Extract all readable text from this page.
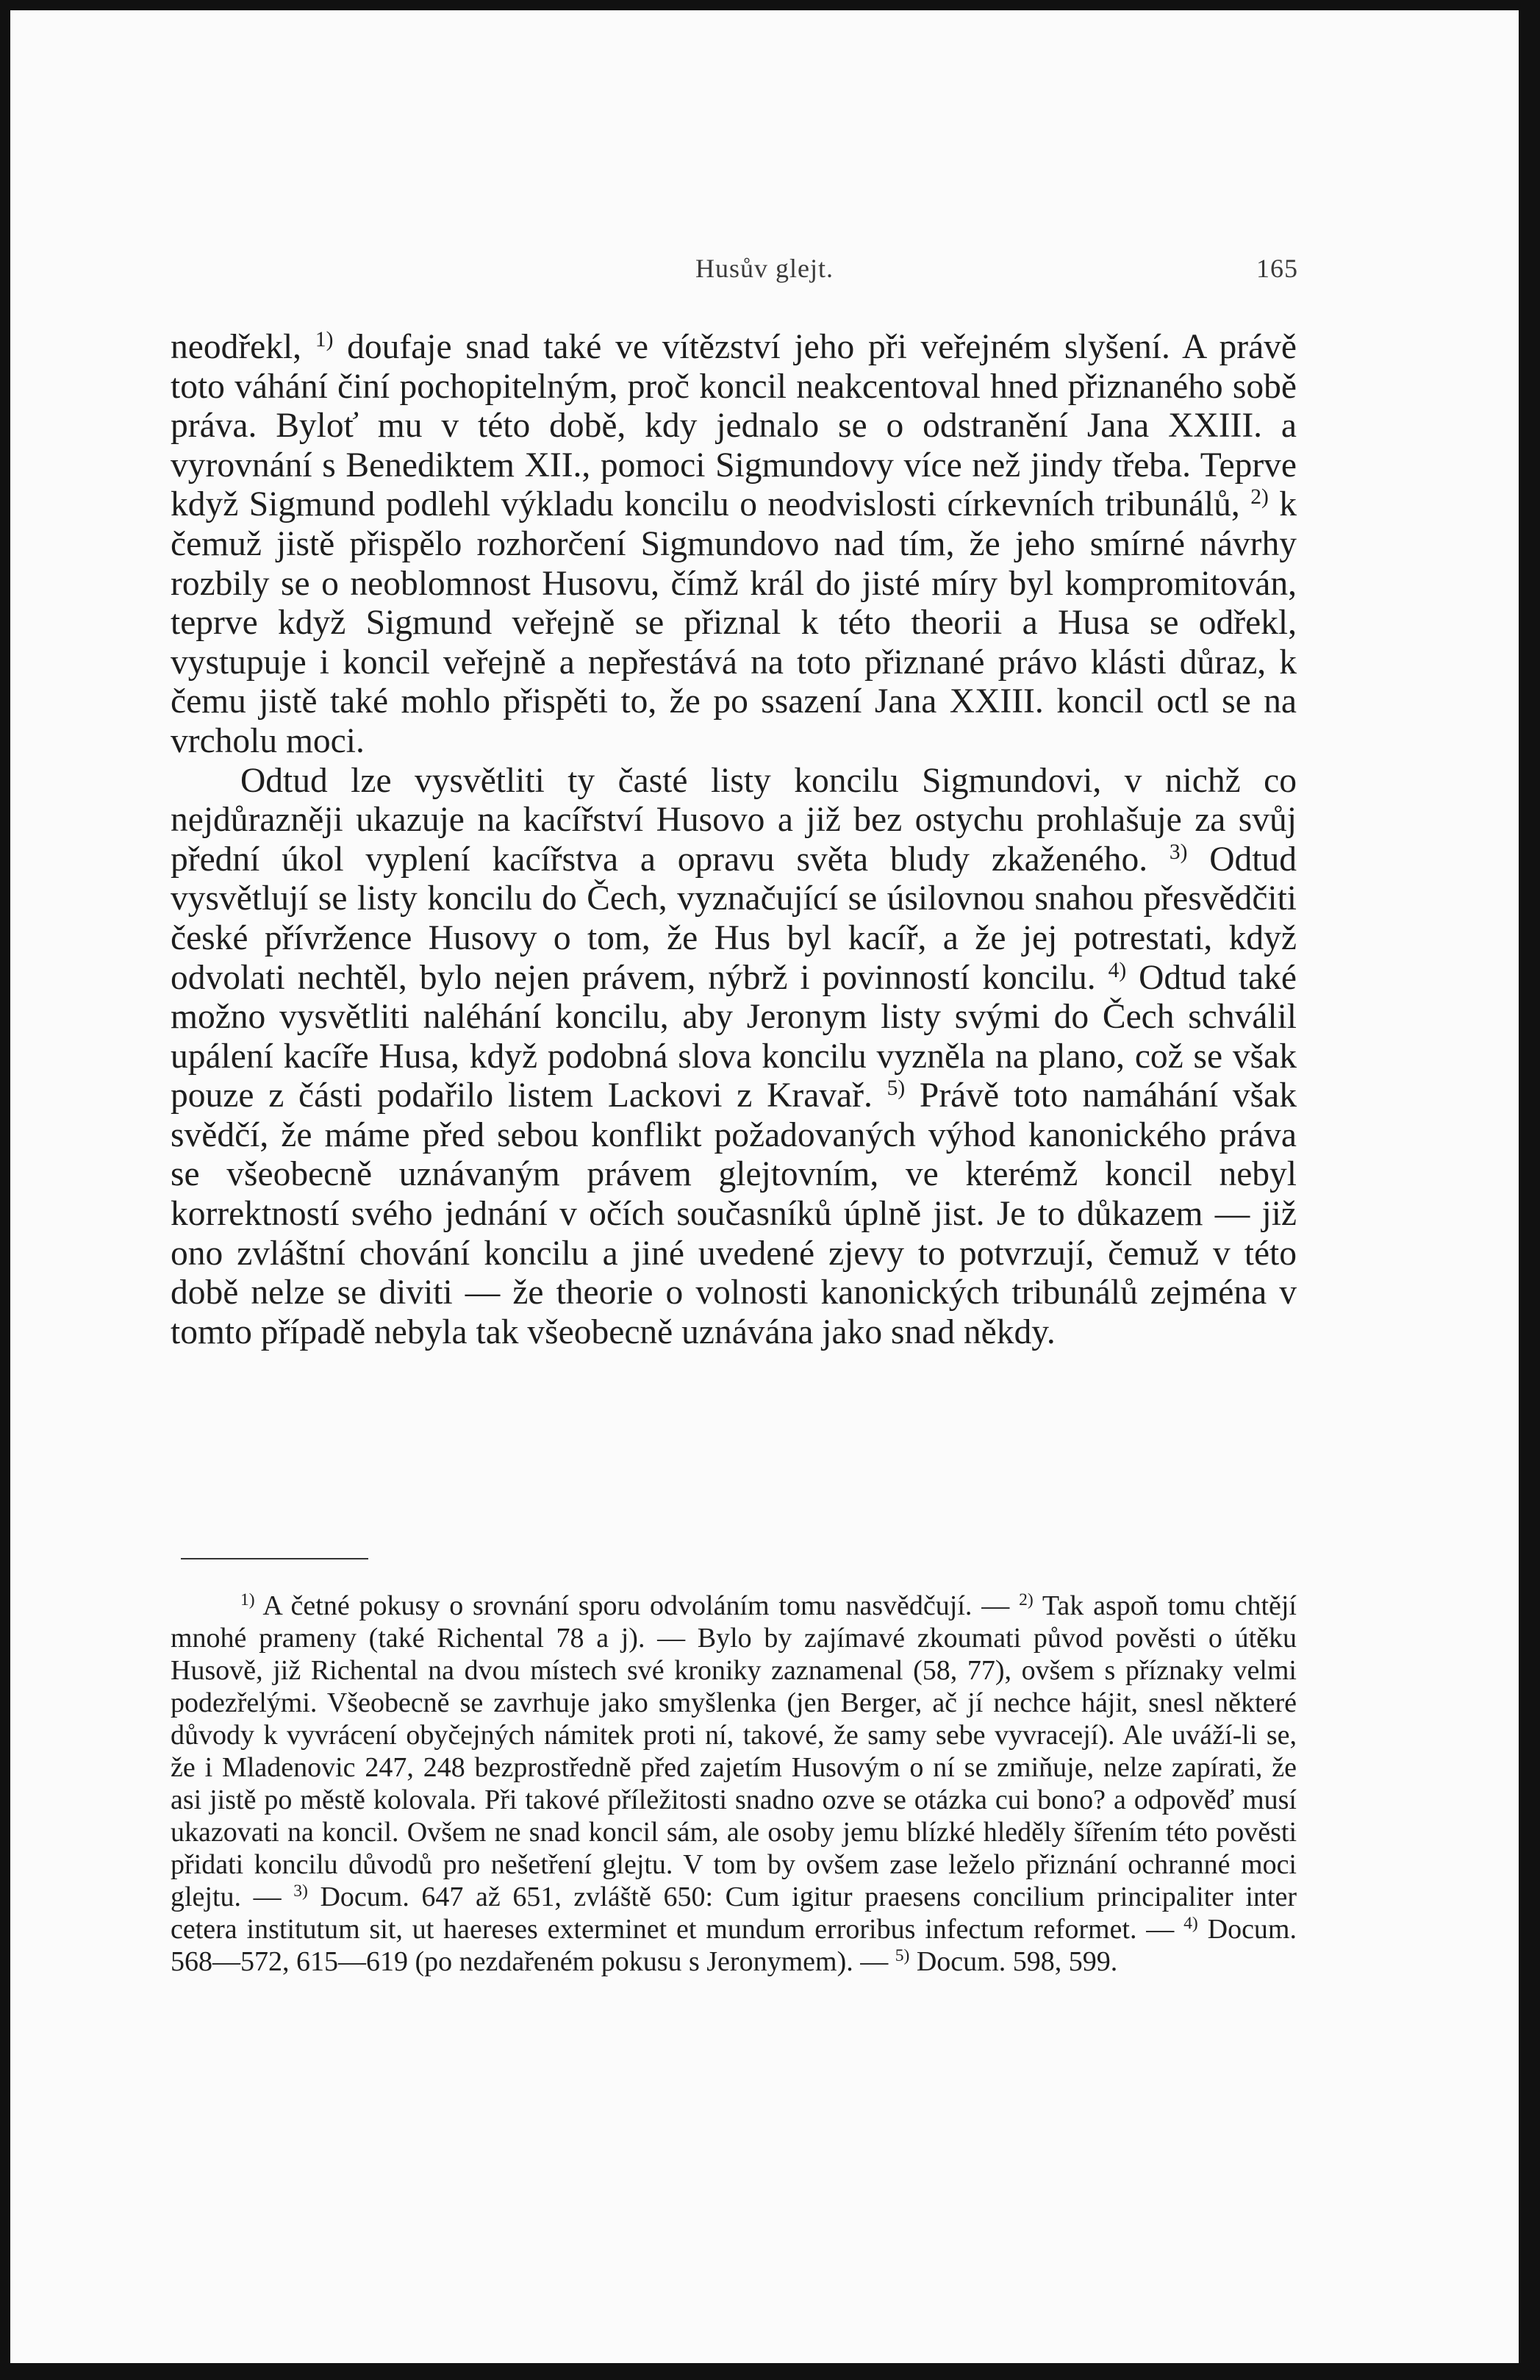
Husův glejt.	165

neodřekl, $^{1)}$ doufaje snad také ve vítězství jeho při veřejném slyšení. A právě toto váhání činí pochopitelným, proč koncil neakcentoval hned přiznaného sobě práva. Byloť mu v této době, kdy jednalo se o odstranění Jana XXIII. a vyrovnání s Benediktem XII., pomoci Sigmundovy více než jindy třeba. Teprve když Sigmund podlehl výkladu koncilu o neodvislosti církevních tribunálů, $^{2)}$ k čemuž jistě přispělo rozhorčení Sigmundovo nad tím, že jeho smírné návrhy rozbily se o neoblomnost Husovu, čímž král do jisté míry byl kompromitován, teprve když Sigmund veřejně se přiznal k této theorii a Husa se odřekl, vystupuje i koncil veřejně a nepřestává na toto přiznané právo klásti důraz, k čemu jistě také mohlo přispěti to, že po ssazení Jana XXIII. koncil octl se na vrcholu moci.

Odtud lze vysvětliti ty časté listy koncilu Sigmundovi, v nichž co nejdůrazněji ukazuje na kacířství Husovo a již bez ostychu prohlašuje za svůj přední úkol vyplení kacířstva a opravu světa bludy zkaženého. $^{3)}$ Odtud vysvětlují se listy koncilu do Čech, vyznačující se úsilovnou snahou přesvědčiti české přívržence Husovy o tom, že Hus byl kacíř, a že jej potrestati, když odvolati nechtěl, bylo nejen právem, nýbrž i povinností koncilu. $^{4)}$ Odtud také možno vysvětliti naléhání koncilu, aby Jeronym listy svými do Čech schválil upálení kacíře Husa, když podobná slova koncilu vyzněla na plano, což se však pouze z části podařilo listem Lackovi z Kravař. $^{5)}$ Právě toto namáhání však svědčí, že máme před sebou konflikt požadovaných výhod kanonického práva se všeobecně uznávaným právem glejtovním, ve kterémž koncil nebyl korrektností svého jednání v očích současníků úplně jist. Je to důkazem — již ono zvláštní chování koncilu a jiné uvedené zjevy to potvrzují, čemuž v této době nelze se diviti — že theorie o volnosti kanonických tribunálů zejména v tomto případě nebyla tak všeobecně uznávána jako snad někdy.

$^{1)}$ A četné pokusy o srovnání sporu odvoláním tomu nasvědčují. — $^{2)}$ Tak aspoň tomu chtějí mnohé prameny (také Richental 78 a j). — Bylo by zajímavé zkoumati původ pověsti o útěku Husově, již Richental na dvou místech své kroniky zaznamenal (58, 77), ovšem s příznaky velmi podezřelými. Všeobecně se zavrhuje jako smyšlenka (jen Berger, ač jí nechce hájit, snesl některé důvody k vyvrácení obyčejných námitek proti ní, takové, že samy sebe vyvracejí). Ale uváží-li se, že i Mladenovic 247, 248 bezprostředně před zajetím Husovým o ní se zmiňuje, nelze zapírati, že asi jistě po městě kolovala. Při takové příležitosti snadno ozve se otázka cui bono? a odpověď musí ukazovati na koncil. Ovšem ne snad koncil sám, ale osoby jemu blízké hleděly šířením této pověsti přidati koncilu důvodů pro nešetření glejtu. V tom by ovšem zase leželo přiznání ochranné moci glejtu. — $^{3)}$ Docum. 647 až 651, zvláště 650: Cum igitur praesens concilium principaliter inter cetera institutum sit, ut haereses exterminet et mundum erroribus infectum reformet. — $^{4)}$ Docum. 568—572, 615—619 (po nezdařeném pokusu s Jeronymem). — $^{5)}$ Docum. 598, 599.
